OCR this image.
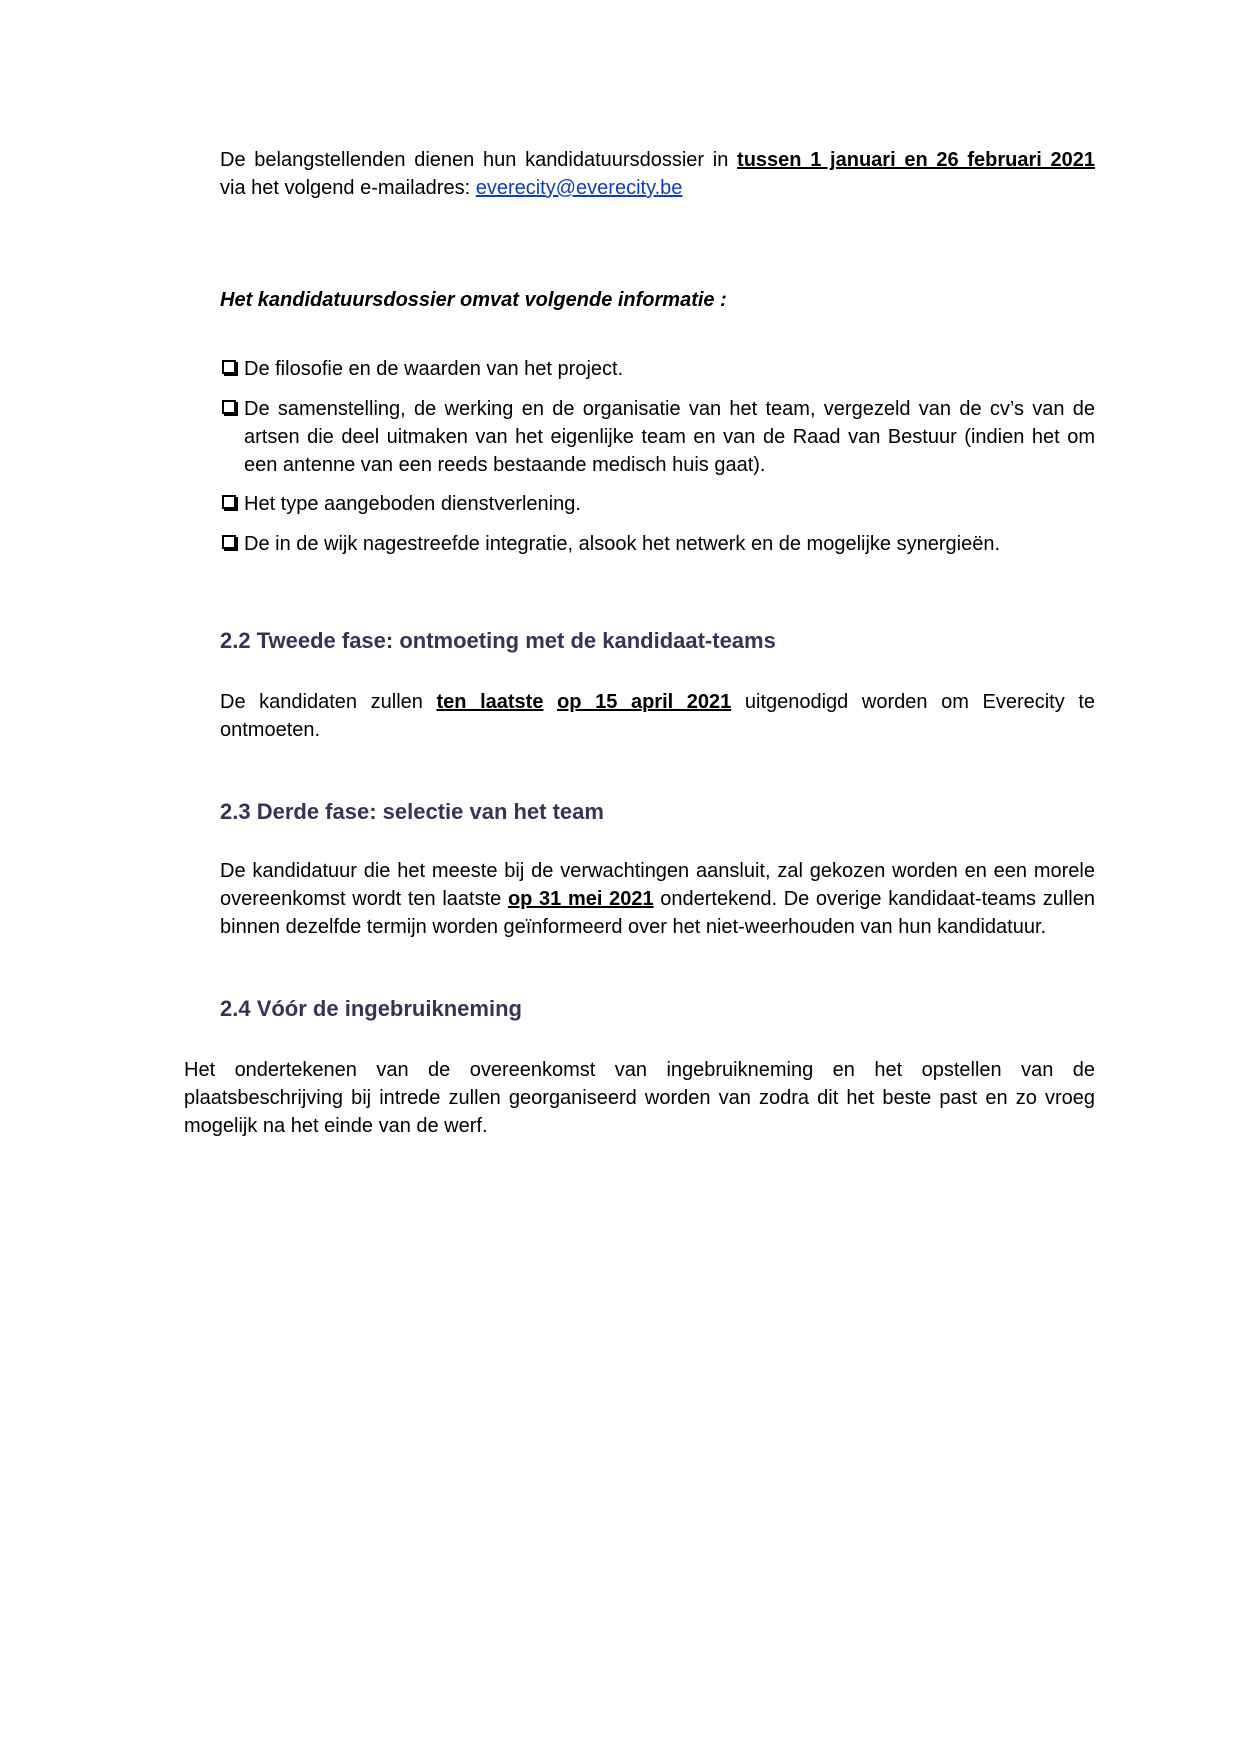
De belangstellenden dienen hun kandidatuursdossier in tussen 1 januari en 26 februari 2021
via het volgend e-mailadres: everecity@everecity.be
Het kandidatuursdossier omvat volgende informatie :
De filosofie en de waarden van het project.
De samenstelling, de werking en de organisatie van het team, vergezeld van de cv’s van de artsen die deel uitmaken van het eigenlijke team en van de Raad van Bestuur (indien het om een antenne van een reeds bestaande medisch huis gaat).
Het type aangeboden dienstverlening.
De in de wijk nagestreefde integratie, alsook het netwerk en de mogelijke synergieën.
2.2 Tweede fase: ontmoeting met de kandidaat-teams
De kandidaten zullen ten laatste op 15 april 2021 uitgenodigd worden om Everecity te ontmoeten.
2.3 Derde fase: selectie van het team
De kandidatuur die het meeste bij de verwachtingen aansluit, zal gekozen worden en een morele overeenkomst wordt ten laatste op 31 mei 2021 ondertekend. De overige kandidaat-teams zullen binnen dezelfde termijn worden geïnformeerd over het niet-weerhouden van hun kandidatuur.
2.4 Vóór de ingebruikneming
Het ondertekenen van de overeenkomst van ingebruikneming en het opstellen van de plaatsbeschrijving bij intrede zullen georganiseerd worden van zodra dit het beste past en zo vroeg mogelijk na het einde van de werf.
